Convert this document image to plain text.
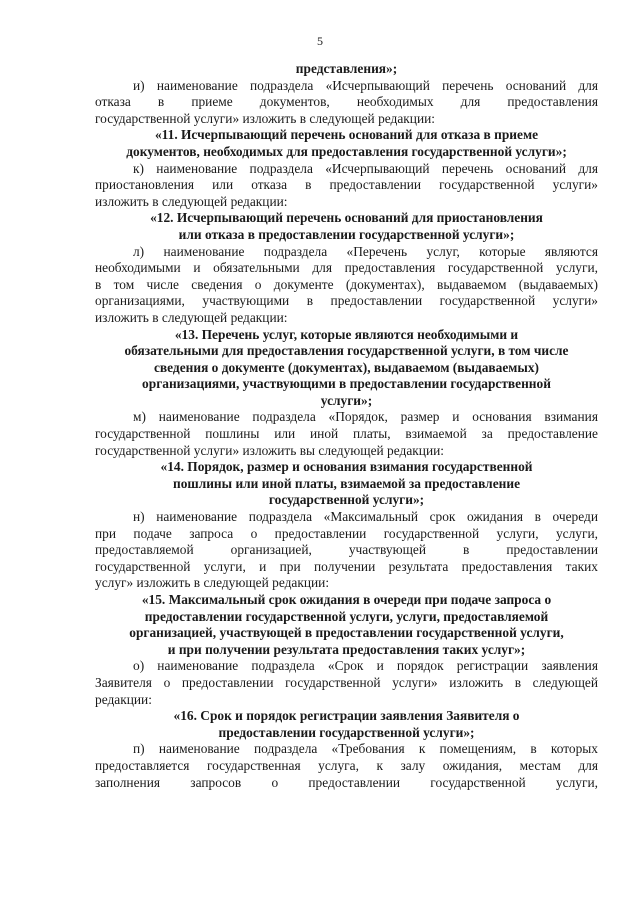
5
представления»;
и) наименование подраздела «Исчерпывающий перечень оснований для
отказа в приеме документов, необходимых для предоставления
государственной услуги» изложить в следующей редакции:
«11. Исчерпывающий перечень оснований для отказа в приеме
документов, необходимых для предоставления государственной услуги»;
к) наименование подраздела «Исчерпывающий перечень оснований для
приостановления или отказа в предоставлении государственной услуги»
изложить в следующей редакции:
«12. Исчерпывающий перечень оснований для приостановления
или отказа в предоставлении государственной услуги»;
л) наименование подраздела «Перечень услуг, которые являются
необходимыми и обязательными для предоставления государственной услуги,
в том числе сведения о документе (документах), выдаваемом (выдаваемых)
организациями, участвующими в предоставлении государственной услуги»
изложить в следующей редакции:
«13. Перечень услуг, которые являются необходимыми и
обязательными для предоставления государственной услуги, в том числе
сведения о документе (документах), выдаваемом (выдаваемых)
организациями, участвующими в предоставлении государственной
услуги»;
м) наименование подраздела «Порядок, размер и основания взимания
государственной пошлины или иной платы, взимаемой за предоставление
государственной услуги» изложить вы следующей редакции:
«14. Порядок, размер и основания взимания государственной
пошлины или иной платы, взимаемой за предоставление
государственной услуги»;
н) наименование подраздела «Максимальный срок ожидания в очереди
при подаче запроса о предоставлении государственной услуги, услуги,
предоставляемой организацией, участвующей в предоставлении
государственной услуги, и при получении результата предоставления таких
услуг» изложить в следующей редакции:
«15. Максимальный срок ожидания в очереди при подаче запроса о
предоставлении государственной услуги, услуги, предоставляемой
организацией, участвующей в предоставлении государственной услуги,
и при получении результата предоставления таких услуг»;
о) наименование подраздела «Срок и порядок регистрации заявления
Заявителя о предоставлении государственной услуги» изложить в следующей
редакции:
«16. Срок и порядок регистрации заявления Заявителя о
предоставлении государственной услуги»;
п) наименование подраздела «Требования к помещениям, в которых
предоставляется государственная услуга, к залу ожидания, местам для
заполнения запросов о предоставлении государственной услуги,
